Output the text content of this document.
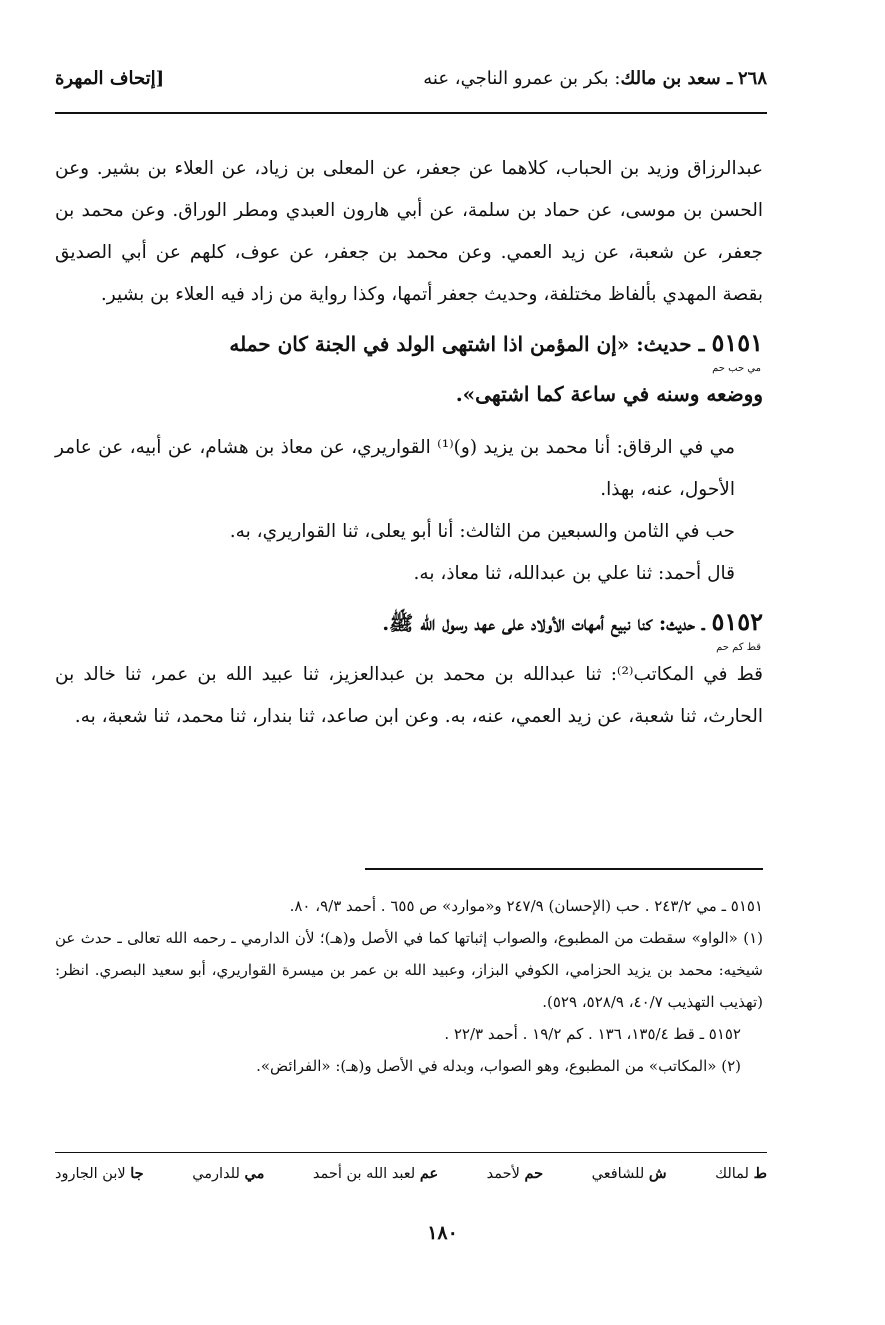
٢٦٨ ـ سعد بن مالك: بكر بن عمرو الناجي، عنه
[إتحاف المهرة

عبدالرزاق وزيد بن الحباب، كلاهما عن جعفر، عن المعلى بن زياد، عن العلاء بن بشير. وعن الحسن بن موسى، عن حماد بن سلمة، عن أبي هارون العبدي ومطر الوراق. وعن محمد بن جعفر، عن شعبة، عن زيد العمي. وعن محمد بن جعفر، عن عوف، كلهم عن أبي الصديق بقصة المهدي بألفاظ مختلفة، وحديث جعفر أتمها، وكذا رواية من زاد فيه العلاء بن بشير.

٥١٥١ ـ حديث: «إن المؤمن اذا اشتهى الولد في الجنة كان حمله

مي حب حم

ووضعه وسنه في ساعة كما اشتهى».

مي في الرقاق: أنا محمد بن يزيد (و)⁽¹⁾ القواريري، عن معاذ بن هشام، عن أبيه، عن عامر الأحول، عنه، بهذا.

حب في الثامن والسبعين من الثالث: أنا أبو يعلى، ثنا القواريري، به.

قال أحمد: ثنا علي بن عبدالله، ثنا معاذ، به.

٥١٥٢ ـ حديث: كنا نبيع أمهات الأولاد على عهد رسول الله ﷺ.

قط كم حم

قط في المكاتب⁽²⁾: ثنا عبدالله بن محمد بن عبدالعزيز، ثنا عبيد الله بن عمر، ثنا خالد بن الحارث، ثنا شعبة، عن زيد العمي، عنه، به. وعن ابن صاعد، ثنا بندار، ثنا محمد، ثنا شعبة، به.

٥١٥١ ـ مي ٢٤٣/٢ . حب (الإحسان) ٢٤٧/٩ و«موارد» ص ٦٥٥ . أحمد ٩/٣، ٨٠.

(١) «الواو» سقطت من المطبوع، والصواب إثباتها كما في الأصل و(هـ)؛ لأن الدارمي ـ رحمه الله تعالى ـ حدث عن شيخيه: محمد بن يزيد الحزامي، الكوفي البزاز، وعبيد الله بن عمر بن ميسرة القواريري، أبو سعيد البصري. انظر: (تهذيب التهذيب ٤٠/٧، ٥٢٨/٩، ٥٢٩).

٥١٥٢ ـ قط ١٣٥/٤، ١٣٦ . كم ١٩/٢ . أحمد ٢٢/٣ .

(٢) «المكاتب» من المطبوع، وهو الصواب، وبدله في الأصل و(هـ): «الفرائض».

ط لمالك
ش للشافعي
حم لأحمد
عم لعبد الله بن أحمد
مي للدارمي
جا لابن الجارود
١٨٠
